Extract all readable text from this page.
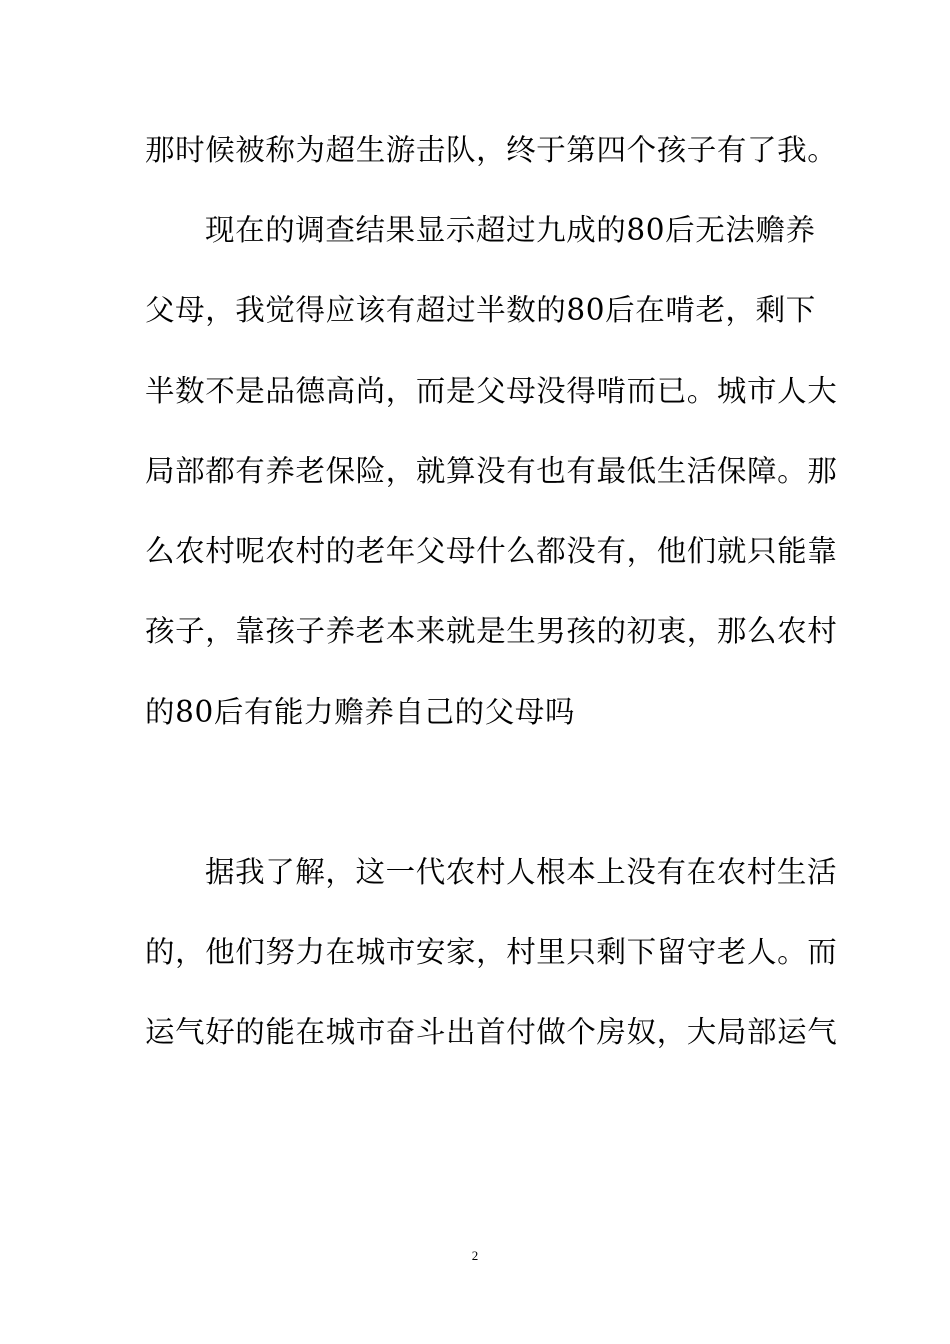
那时候被称为超生游击队，终于第四个孩子有了我。
现在的调查结果显示超过九成的80后无法赡养
父母，我觉得应该有超过半数的80后在啃老，剩下
半数不是品德高尚，而是父母没得啃而已。城市人大
局部都有养老保险，就算没有也有最低生活保障。那
么农村呢农村的老年父母什么都没有，他们就只能靠
孩子，靠孩子养老本来就是生男孩的初衷，那么农村
的80后有能力赡养自己的父母吗
据我了解，这一代农村人根本上没有在农村生活
的，他们努力在城市安家，村里只剩下留守老人。而
运气好的能在城市奋斗出首付做个房奴，大局部运气
2
